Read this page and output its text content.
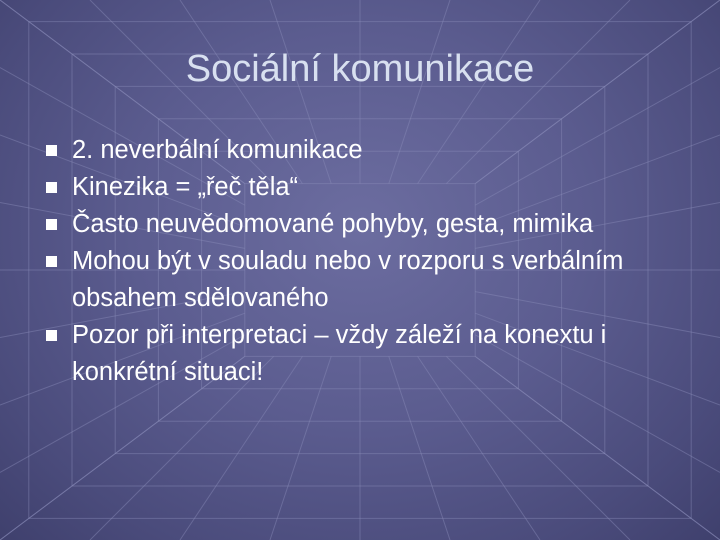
Sociální komunikace
2. neverbální komunikace
Kinezika = „řeč těla“
Často neuvědomované pohyby, gesta, mimika
Mohou být v souladu nebo v rozporu s verbálním obsahem sdělovaného
Pozor při interpretaci – vždy záleží na konextu i konkrétní situaci!
